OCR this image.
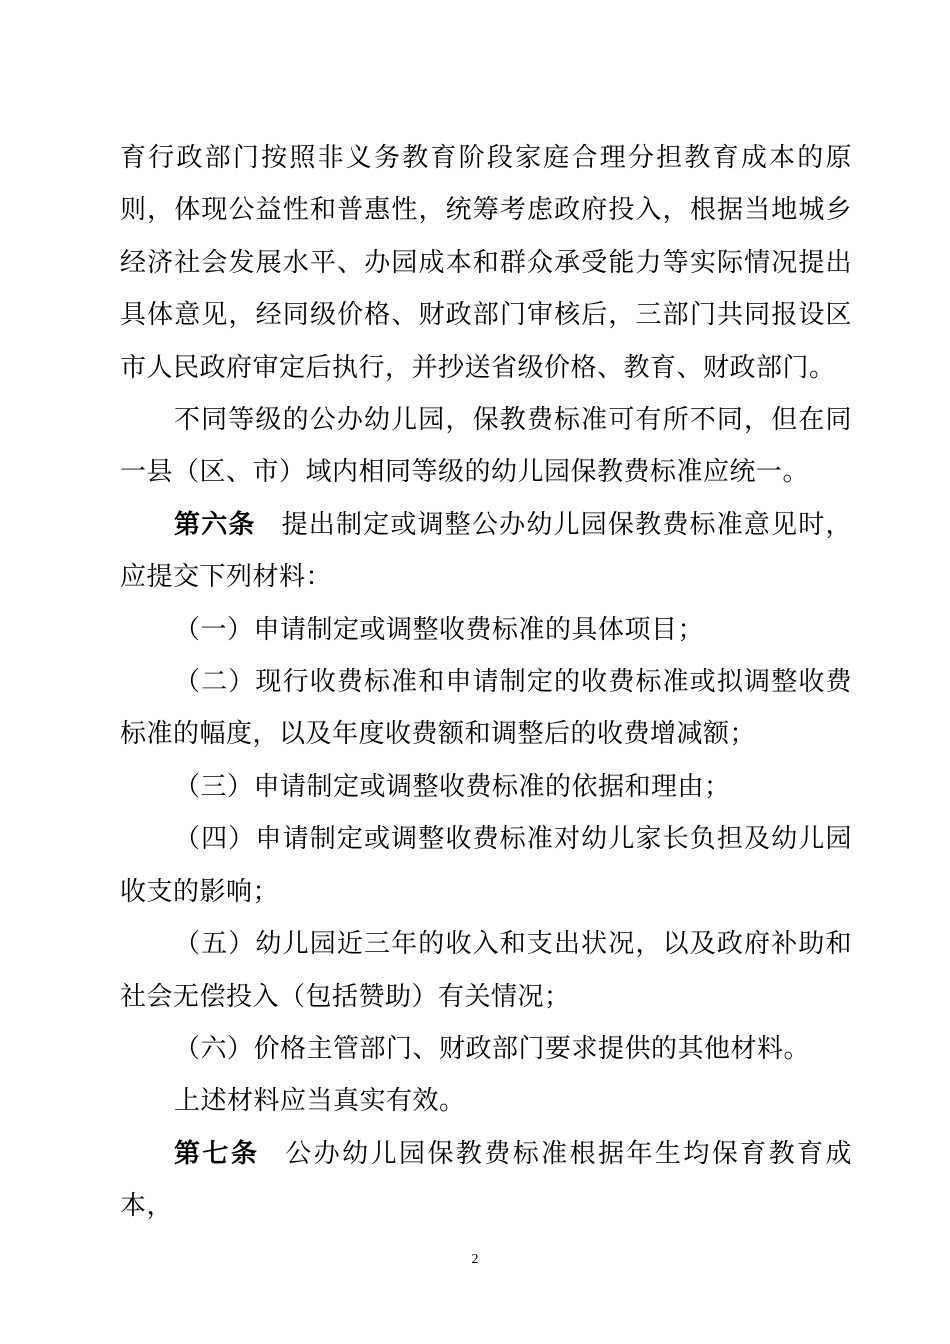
育行政部门按照非义务教育阶段家庭合理分担教育成本的原则，体现公益性和普惠性，统筹考虑政府投入，根据当地城乡经济社会发展水平、办园成本和群众承受能力等实际情况提出具体意见，经同级价格、财政部门审核后，三部门共同报设区市人民政府审定后执行，并抄送省级价格、教育、财政部门。

不同等级的公办幼儿园，保教费标准可有所不同，但在同一县（区、市）域内相同等级的幼儿园保教费标准应统一。

第六条 提出制定或调整公办幼儿园保教费标准意见时，应提交下列材料：

（一）申请制定或调整收费标准的具体项目；

（二）现行收费标准和申请制定的收费标准或拟调整收费标准的幅度，以及年度收费额和调整后的收费增减额；

（三）申请制定或调整收费标准的依据和理由；

（四）申请制定或调整收费标准对幼儿家长负担及幼儿园收支的影响；

（五）幼儿园近三年的收入和支出状况，以及政府补助和社会无偿投入（包括赞助）有关情况；

（六）价格主管部门、财政部门要求提供的其他材料。

上述材料应当真实有效。

第七条 公办幼儿园保教费标准根据年生均保育教育成本，

2
